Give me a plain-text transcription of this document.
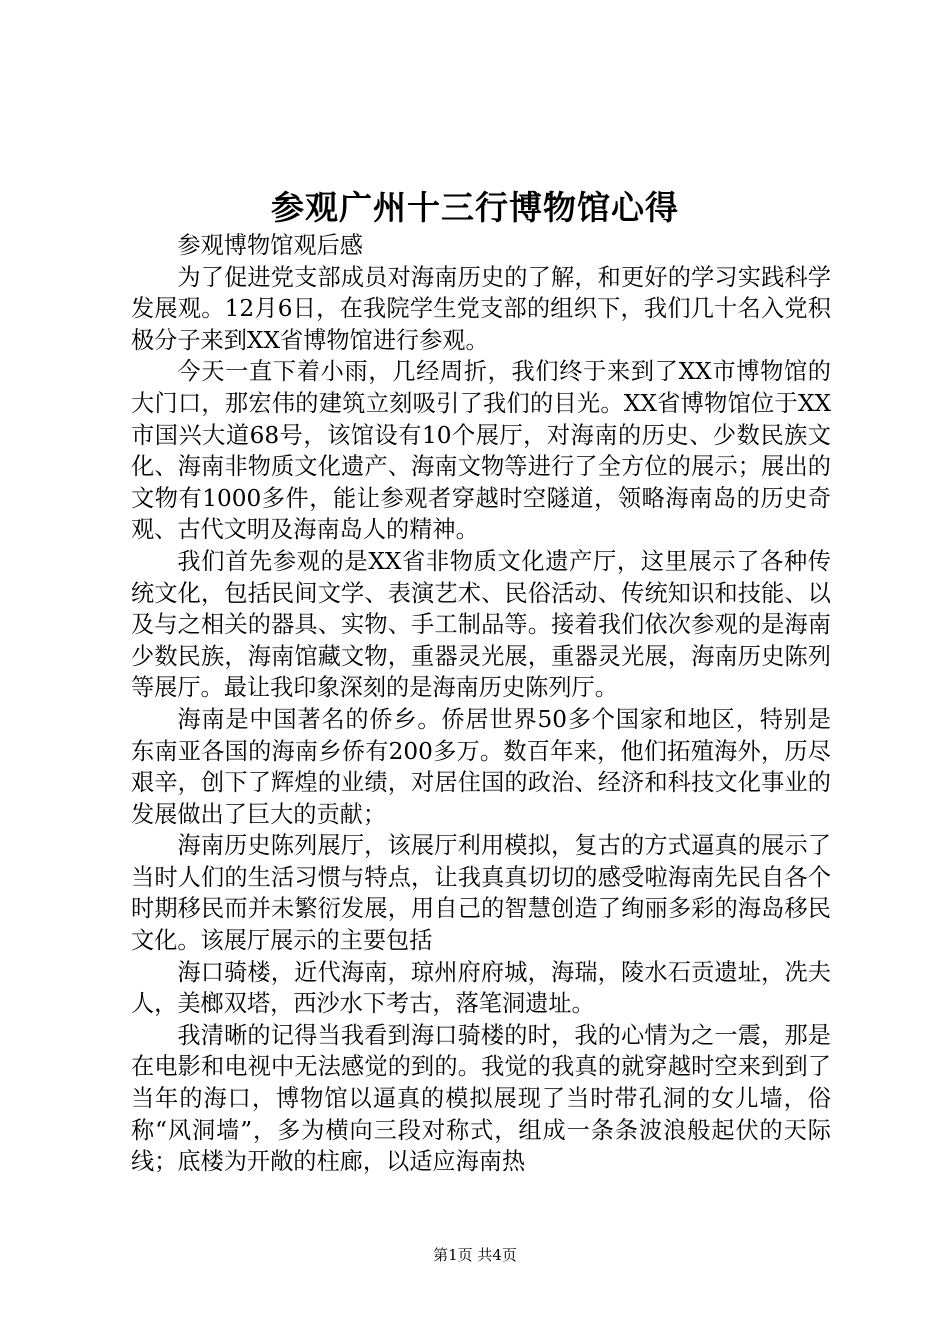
参观广州十三行博物馆心得

参观博物馆观后感

为了促进党支部成员对海南历史的了解，和更好的学习实践科学发展观。12月6日，在我院学生党支部的组织下，我们几十名入党积极分子来到XX省博物馆进行参观。

今天一直下着小雨，几经周折，我们终于来到了XX市博物馆的大门口，那宏伟的建筑立刻吸引了我们的目光。XX省博物馆位于XX市国兴大道68号，该馆设有10个展厅，对海南的历史、少数民族文化、海南非物质文化遗产、海南文物等进行了全方位的展示；展出的文物有1000多件，能让参观者穿越时空隧道，领略海南岛的历史奇观、古代文明及海南岛人的精神。

我们首先参观的是XX省非物质文化遗产厅，这里展示了各种传统文化，包括民间文学、表演艺术、民俗活动、传统知识和技能、以及与之相关的器具、实物、手工制品等。接着我们依次参观的是海南少数民族，海南馆藏文物，重器灵光展，重器灵光展，海南历史陈列等展厅。最让我印象深刻的是海南历史陈列厅。

海南是中国著名的侨乡。侨居世界50多个国家和地区，特别是东南亚各国的海南乡侨有200多万。数百年来，他们拓殖海外，历尽艰辛，创下了辉煌的业绩，对居住国的政治、经济和科技文化事业的发展做出了巨大的贡献；

海南历史陈列展厅，该展厅利用模拟，复古的方式逼真的展示了当时人们的生活习惯与特点，让我真真切切的感受啦海南先民自各个时期移民而并未繁衍发展，用自己的智慧创造了绚丽多彩的海岛移民文化。该展厅展示的主要包括

海口骑楼，近代海南，琼州府府城，海瑞，陵水石贡遗址，冼夫人，美榔双塔，西沙水下考古，落笔洞遗址。

我清晰的记得当我看到海口骑楼的时，我的心情为之一震，那是在电影和电视中无法感觉的到的。我觉的我真的就穿越时空来到到了当年的海口，博物馆以逼真的模拟展现了当时带孔洞的女儿墙，俗称“风洞墙”，多为横向三段对称式，组成一条条波浪般起伏的天际线；底楼为开敞的柱廊，以适应海南热

第1页 共4页
